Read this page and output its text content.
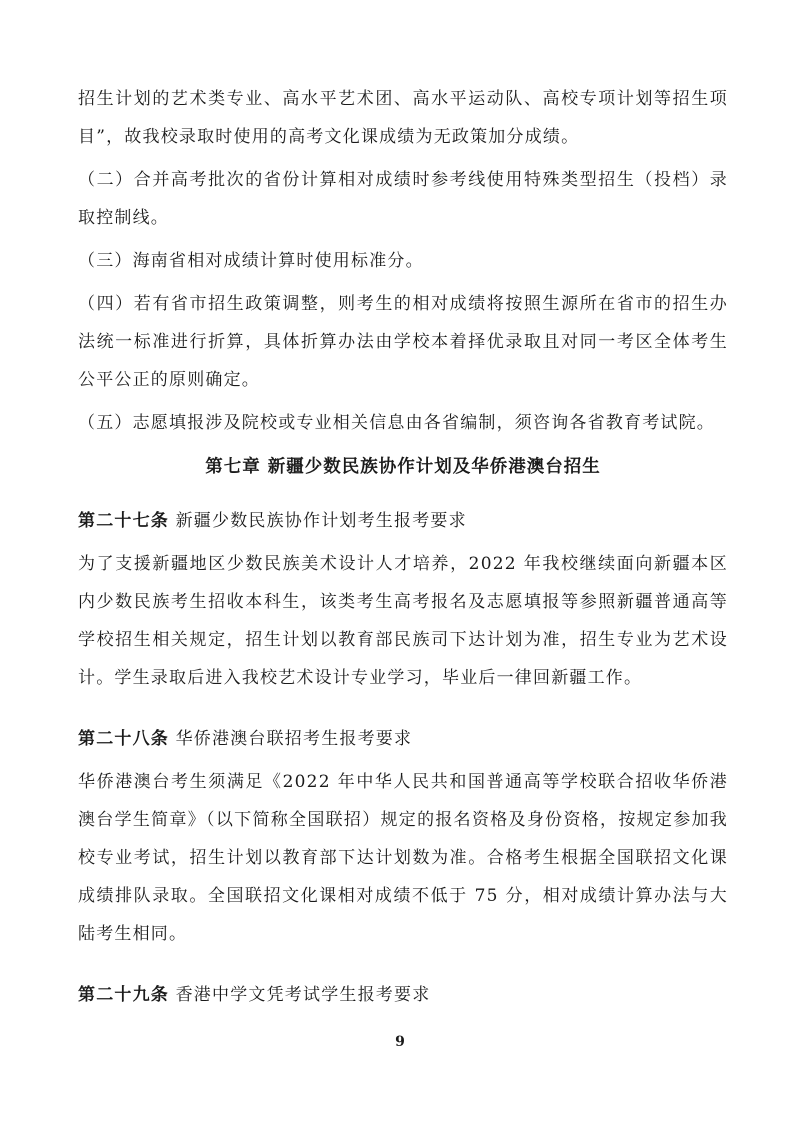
招生计划的艺术类专业、高水平艺术团、高水平运动队、高校专项计划等招生项目”，故我校录取时使用的高考文化课成绩为无政策加分成绩。

（二）合并高考批次的省份计算相对成绩时参考线使用特殊类型招生（投档）录取控制线。

（三）海南省相对成绩计算时使用标准分。

（四）若有省市招生政策调整，则考生的相对成绩将按照生源所在省市的招生办法统一标准进行折算，具体折算办法由学校本着择优录取且对同一考区全体考生公平公正的原则确定。

（五）志愿填报涉及院校或专业相关信息由各省编制，须咨询各省教育考试院。

第七章 新疆少数民族协作计划及华侨港澳台招生

第二十七条 新疆少数民族协作计划考生报考要求

为了支援新疆地区少数民族美术设计人才培养，2022 年我校继续面向新疆本区内少数民族考生招收本科生，该类考生高考报名及志愿填报等参照新疆普通高等学校招生相关规定，招生计划以教育部民族司下达计划为准，招生专业为艺术设计。学生录取后进入我校艺术设计专业学习，毕业后一律回新疆工作。

第二十八条 华侨港澳台联招考生报考要求

华侨港澳台考生须满足《2022 年中华人民共和国普通高等学校联合招收华侨港澳台学生简章》（以下简称全国联招）规定的报名资格及身份资格，按规定参加我校专业考试，招生计划以教育部下达计划数为准。合格考生根据全国联招文化课成绩排队录取。全国联招文化课相对成绩不低于 75 分，相对成绩计算办法与大陆考生相同。

第二十九条 香港中学文凭考试学生报考要求

9
